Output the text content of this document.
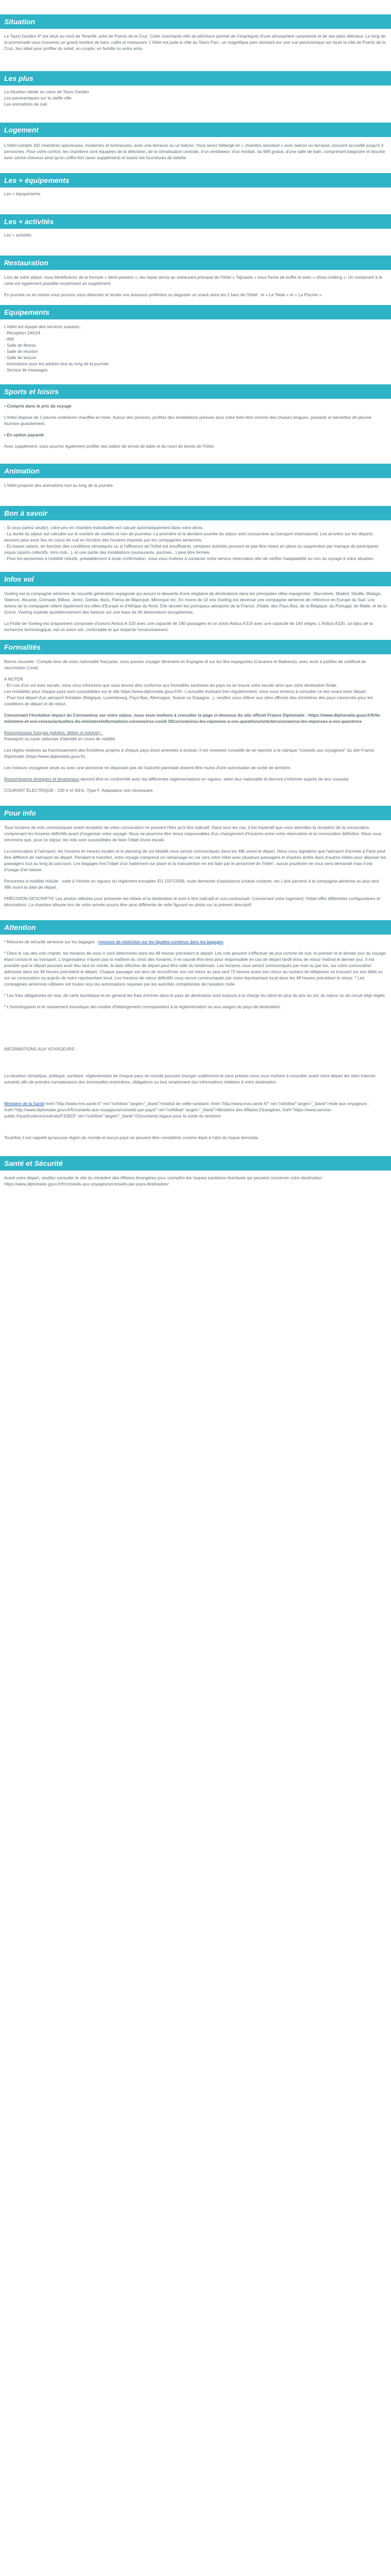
Situation

Le Tauro Garden 4* est situé au nord de Tenerife, près de Puerto de la Cruz. Cette charmante ville de pêcheurs permet de s'imprégner d'une atmosphère canarienne et de ses plats délicieux. Le long de la promenade vous trouverez un grand nombre de bars, cafés et restaurant. L'hôtel est juste à côté du Taoro Parc, un magnifique parc donnant sur une vue panoramique sur toute la ville de Puerto de la Cruz, lieu idéal pour profiter du soleil, en couple, en famille ou entre amis.

Les plus

La situation idéale au cœur de Tauro Garden

Les panoramiques sur la vieille ville

Les animations de nuit

Logement

L'hôtel compte 182 chambres spacieuses, modernes et lumineuses, avec une terrasse ou un balcon. Vous serez hébergé en « chambre standard » avec balcon ou terrasse, pouvant accueillir jusqu'à 3 personnes. Pour votre confort, les chambres sont équipées de la télévision, de la climatisation centrale, d'un ventilateur, d'un minibar, du Wifi gratuit, d'une salle de bain, comprenant baignoire et douche avec sèche-cheveux ainsi qu'un coffre-fort (avec supplément) et toutes les fournitures de toilette.

Les + équipements

Les + équipements

Les + activités

Les + activités

Restauration

Lors de votre séjour, vous bénéficierez de la formule « demi-pension », les repas servis au restaurant principal de l'hôtel « Tajinaste » sous forme de buffet et avec « show cooking ». Un restaurant à la carte est également possible moyennant un supplément.

En journée ou en soirée vous pourrez vous détendre et siroter vos boissons préférées ou déguster un snack dans les 2 bars de l'hôtel : le « Le Teide » et « La Piscine ».

Equipements

L'hôtel est équipé des services suivants :

- Réception 24h/24

- Wifi

- Salle de fitness

- Salle de réunion

- Salle de lecture

- Animations pour les adultes tout au long de la journée

- Service de massages

Sports et loisirs

• Compris dans le prix du voyage

L'hôtel dispose de 1 piscine extérieure chauffée en hiver. Autour des piscines, profitez des installations prévues pour votre bien-être comme des chaises longues, parasols et serviettes de piscine fournies gratuitement.

• En option payante

Avec supplément, vous pourrez également profiter des tables de tennis de table et du court de tennis de l'hôtel.

Animation

L'hôtel propose des animations tout au long de la journée.

Bon à savoir

- Si vous partez seul(e), votre prix en chambre individuelle est calculé automatiquement dans votre devis.

- La durée du séjour est calculée sur le nombre de nuitées et non de journées. La première et la dernière journée du séjour sont consacrées au transport international. Les arrivées sur les départs peuvent peut avoir lieu en cours de nuit en fonction des horaires imposés par les compagnies aériennes.

- En basse saison, en fonction des conditions climatiques ou si l'affluence de l'hôtel est insuffisante, certaines activités peuvent ne pas être mises en place ou supprimées par manque de participants requis (sports collectifs, mini-club...), et une partie des installations (restaurants, piscines...) peut être fermée.

- Pour les personnes à mobilité réduite, préalablement à toute confirmation, nous vous invitons à contacter notre service réservation afin de vérifier l'adaptabilité ou non du voyage à votre situation.

Infos vol

Vueling est la compagnie aérienne de nouvelle génération espagnole qui assure la desserte d'une vingtaine de destinations dans les principales villes espagnoles : Barcelone, Madrid, Séville, Malaga, Valence, Alicante, Grenade, Bilbao, Jerez, Gérida, Ibiza, Palma de Majorque, Minorque etc. En moins de 10 ans Vueling est devenue une compagnie aérienne de référence en Europe du Sud. Les avions de la compagnie relient également les villes d'Europe et d'Afrique du Nord. Elle dessert les principaux aéroports de la France, d'Italie, des Pays-Bas, de la Belgique, du Portugal, de Malte, et de la Grèce. Vueling exploite quotidiennement des liaisons sur une base de 40 destinations européennes.

La Flotte de Vueling est uniquement composée d'avions Airbus A-320 avec une capacité de 180 passagers et un avion Airbus A319 avec une capacité de 144 sièges. L'Airbus A320, un bijou de la recherche technologique, est un avion sûr, confortable et qui respecte l'environnement.

Formalités

Bonne nouvelle : Compte tenu de votre nationalité française, vous pouvez voyager librement en Espagne et sur les îles espagnoles (Canaries et Baléares), avec avoir à justifier de certificat de vaccination Covid.

A NOTER

- En cas d'un vol avec escale, nous vous informons que vous devrez être conforme aux formalités sanitaires du pays où se trouve votre escale ainsi que votre destination finale.

Les modalités pour chaque pays sont consultables sur le site https://www.diplomatie.gouv.fr/fr/. L'actualité évoluant très régulièrement, nous vous invitons à consulter ce lien avant votre départ.

- Pour tout départ d'un aéroport frontalier (Belgique, Luxembourg, Pays-Bas, Allemagne, Suisse ou Espagne...), veuillez vous référer aux sites officiels des ministères des pays concernés pour les conditions de départ et de retour.

Concernant l'évolution impact du Coronavirus sur votre séjour, nous vous invitons à consulter la page ci-dessous du site officiel France Diplomatie : https://www.diplomatie.gouv.fr/fr/le-ministere-et-son-reseau/actualites-du-ministere/informations-coronavirus-covid-19/coronavirus-les-reponses-a-vos-questions/article/coronavirus-les-reponses-a-vos-questions

Ressortissants français (adultes, bébés et enfants) :

Passeport ou carte nationale d'identité en cours de validité.

Les règles relatives au franchissement des frontières propres à chaque pays étant amenées à évoluer, il est vivement conseillé de se reporter à la rubrique "conseils aux voyageurs" du site France Diplomatie (https://www.diplomatie.gouv.fr).

Les mineurs voyageant seuls ou avec une personne ne disposant pas de l'autorité parentale doivent être munis d'une autorisation de sortie de territoire.

Ressortissants étrangers et binationaux devront être en conformité avec les différentes réglementations en vigueur, selon leur nationalité et devront s'informer auprès de leur consulat.

COURANT ÉLECTRIQUE : 230 V et 50Hz, Type F. Adaptateur non nécessaire.

Pour info

Tous horaires de vols communiqués avant réception de votre convocation ne peuvent l'être qu'à titre indicatif. Dans tous les cas, il est impératif que vous attendiez la réception de la convocation comprenant les horaires définitifs avant d'organiser votre voyage. Nous ne pourrons être tenus responsables d'un changement d'horaires entre votre réservation et la convocation définitive. Nous vous informons que, pour ce séjour, les vols sont susceptibles de faire l'objet d'une escale.

La convocation à l'aéroport, les horaires en heures locales et le planning de vol détaillé vous seront communiqués dans les 48h avant le départ. Nous vous signalons que l'aéroport d'arrivée à Paris peut être différent de l'aéroport de départ. Pendant le transfert, votre voyage comprend un ramassage en car vers votre hôtel avec plusieurs passagers et d'autres arrêts dans d'autres hôtels pour déposer les passagers tout au long du parcours. Les bagages font l'objet d'un traitement sur place et la manutention en est faite par le personnel de l'hôtel ; aucun pourboire ne vous sera demandé mais il est d'usage d'en laisser.

Personnes à mobilité réduite : suite à l'entrée en vigueur du règlement européen EU 1107/2006, toute demande d'assistance (chaise roulante, etc.) doit parvenir à la compagnie aérienne au plus tard 48h avant la date de départ.

PRÉCISION DESCRIPTIF Les photos utilisées pour présenter les hôtels et la destination le sont à titre indicatif et non-contractuel. Concernant votre logement, l'hôtel offre différentes configurations et décorations. La chambre allouée lors de votre arrivée pourra être ainsi différente de celle figurant en photo sur le présent descriptif.

Attention

* Mesures de sécurité aérienne sur les bagages : mesures de restriction sur les liquides contenus dans les bagages.

* Dans le cas des vols charter, les horaires de vous ci sont déterminés dans les 48 heures précédant le départ. Les vols peuvent s'effectuer de jour comme de nuit, le premier et le dernier jour du voyage étant consacré au transport. L'organisateur n'ayant pas la maîtrise du choix des horaires, il ne saurait être tenu pour responsable en cas de départ tardif et/ou de retour matinal le dernier jour. Il est possible que le départ pouvant avoir lieu tard en soirée, la date effective de départ peut être celle du lendemain. Les horaires vous seront communiqués par mail ou par fax, sur votre convocation adressée dans les 48 heures précédent le départ. Chaque passager est tenu de reconfirmer son vol retour au plus tard 72 heures avant son retour au numéro de téléphone se trouvant sur son billet ou sur sa convocation ou auprès de notre représentant local. Les horaires de retour définitifs vous seront communiqués par notre représentant local dans les 48 heures précédant le retour. * Les compagnies aériennes utilisées ont toutes reçu les autorisations requises par les autorités compétentes de l'aviation civile.

* Les frais obligatoires de visa, de carte touristique et en général les frais d'entrée dans le pays de destination sont toujours à la charge du client en plus du prix du vol, du séjour ou du circuit déjà réglés.

* L'homologation et le classement touristique des modes d'hébergement correspondent à la réglementation ou aux usages du pays de destination.

INFORMATIONS AUX VOYAGEURS :

La situation climatique, politique, sanitaire, réglementaire de chaque pays du monde pouvant changer subitement et sans préavis nous vous invitons à consulter avant votre départ les sites Internet suivants afin de prendre connaissance des éventuelles restrictions, obligations ou tout simplement des informations relatives à votre destination.

Ministère de la Santé href="http://www.mrs.sante.fr" rel="nofollow" target="_blank">Institut de veille sanitaire, href="http://www.invs.sante.fr/" rel="nofollow" target="_blank">Aide aux voyageurs : href="http://www.diplomatie.gouv.fr/fr/conseils-aux-voyageurs/conseils-par-pays/" rel="nofollow" target="_blank">Ministère des Affaires Etrangères, href="https://www.service-public.fr/particuliers/vosdroits/F32823" rel="nofollow" target="_blank">Documents légaux pour la sortie du territoire.

Toutefois il est rappelé qu'aucune région du monde et aucun pays ne peuvent être considérés comme étant à l'abri du risque terroriste.

Santé et Sécurité

Avant votre départ, veuillez consulter le site du ministère des Affaires étrangères pour connaître les risques sanitaires éventuels qui peuvent concerner votre destination : https://www.diplomatie.gouv.fr/fr/conseils-aux-voyageurs/conseils-par-pays-destination/
